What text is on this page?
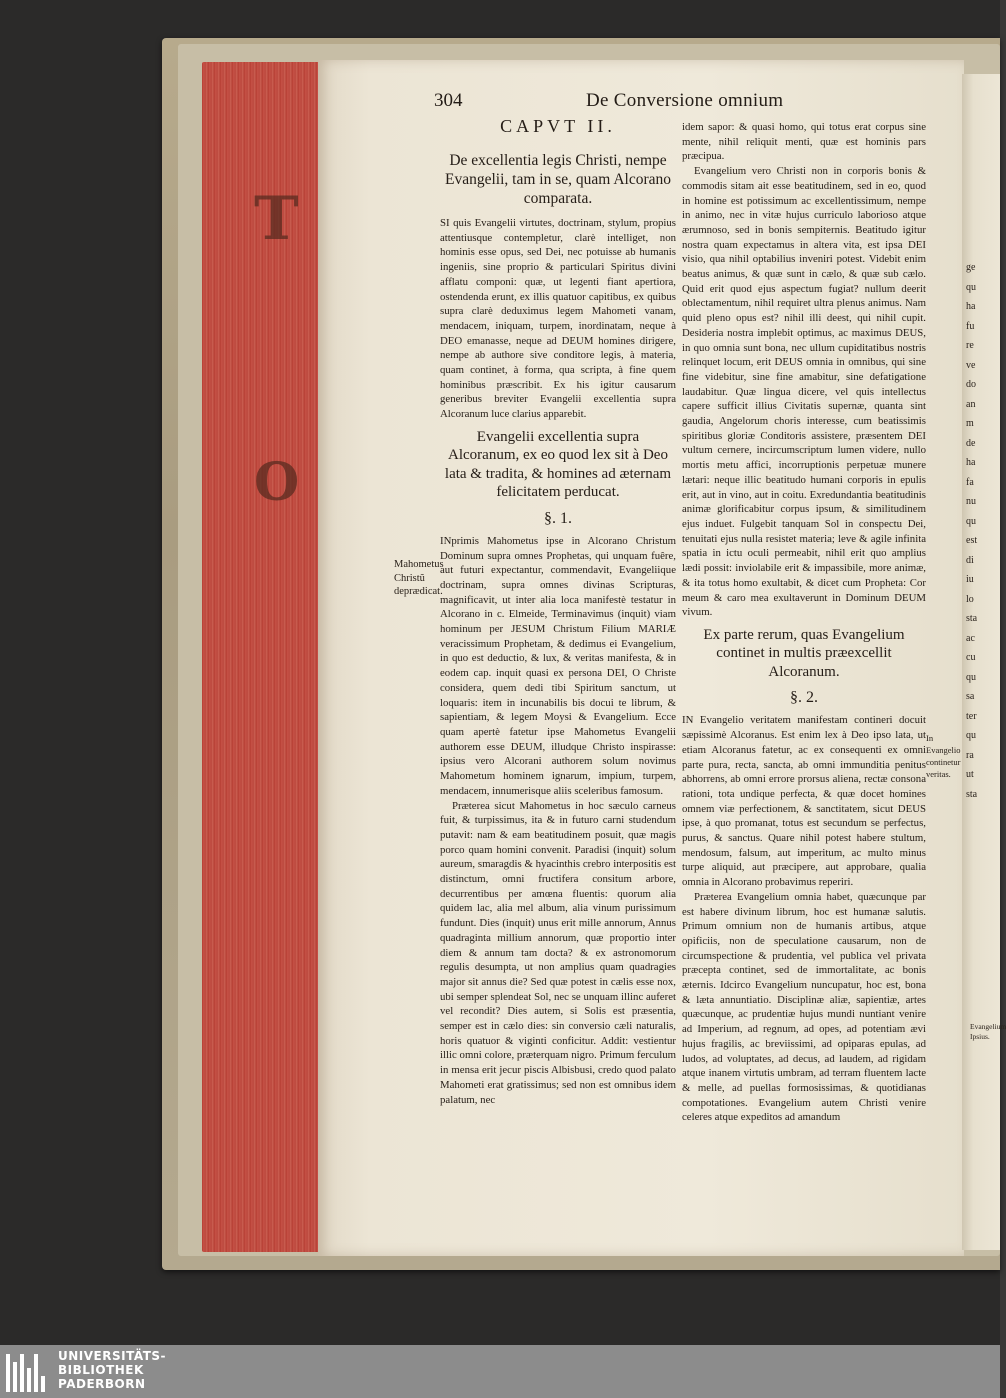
T
O
304	De Conversione omnium
CAPVT II.
De excellentia legis Christi, nempe Evangelii, tam in se, quam Alcorano comparata.
SI quis Evangelii virtutes, doctrinam, stylum, propius attentiusque contempletur, clarè intelliget, non hominis esse opus, sed Dei, nec potuisse ab humanis ingeniis, sine proprio & particulari Spiritus divini afflatu componi: quæ, ut legenti fiant apertiora, ostendenda erunt, ex illis quatuor capitibus, ex quibus supra clarè deduximus legem Mahometi vanam, mendacem, iniquam, turpem, inordinatam, neque à DEO emanasse, neque ad DEUM homines dirigere, nempe ab authore sive conditore legis, à materia, quam continet, à forma, qua scripta, à fine quem hominibus præscribit. Ex his igitur causarum generibus breviter Evangelii excellentia supra Alcoranum luce clarius apparebit.
Evangelii excellentia supra Alcoranum, ex eo quod lex sit à Deo lata & tradita, & homines ad æternam felicitatem perducat.
§. 1.
INprimis Mahometus ipse in Alcorano Christum Dominum supra omnes Prophetas, qui unquam fuêre, aut futuri expectantur, commendavit, Evangeliique doctrinam, supra omnes divinas Scripturas, magnificavit, ut inter alia loca manifestè testatur in Alcorano in c. Elmeide, Terminavimus (inquit) viam hominum per JESUM Christum Filium MARIÆ veracissimum Prophetam, & dedimus ei Evangelium, in quo est deductio, & lux, & veritas manifesta, & in eodem cap. inquit quasi ex persona DEI, O Christe considera, quem dedi tibi Spiritum sanctum, ut loquaris: item in incunabilis bis docui te librum, & sapientiam, & legem Moysi & Evangelium. Ecce quam apertè fatetur ipse Mahometus Evangelii authorem esse DEUM, illudque Christo inspirasse: ipsius vero Alcorani authorem solum novimus Mahometum hominem ignarum, impium, turpem, mendacem, innumerisque aliis sceleribus famosum.
Præterea sicut Mahometus in hoc sæculo carneus fuit, & turpissimus, ita & in futuro carni studendum putavit: nam & eam beatitudinem posuit, quæ magis porco quam homini convenit. Paradisi (inquit) solum aureum, smaragdis & hyacinthis crebro interpositis est distinctum, omni fructifera consitum arbore, decurrentibus per amœna fluentis: quorum alia quidem lac, alia mel album, alia vinum purissimum fundunt. Dies (inquit) unus erit mille annorum, Annus quadraginta millium annorum, quæ proportio inter diem & annum tam docta? & ex astronomorum regulis desumpta, ut non amplius quam quadragies major sit annus die? Sed quæ potest in cælis esse nox, ubi semper splendeat Sol, nec se unquam illinc auferet vel recondit? Dies autem, si Solis est præsentia, semper est in cælo dies: sin conversio cæli naturalis, horis quatuor & viginti conficitur. Addit: vestientur illic omni colore, præterquam nigro. Primum ferculum in mensa erit jecur piscis Albisbusi, credo quod palato Mahometi erat gratissimus; sed non est omnibus idem palatum, nec
idem sapor: & quasi homo, qui totus erat corpus sine mente, nihil reliquit menti, quæ est hominis pars præcipua.
Evangelium vero Christi non in corporis bonis & commodis sitam ait esse beatitudinem, sed in eo, quod in homine est potissimum ac excellentissimum, nempe in animo, nec in vitæ hujus curriculo laborioso atque ærumnoso, sed in bonis sempiternis. Beatitudo igitur nostra quam expectamus in altera vita, est ipsa DEI visio, qua nihil optabilius inveniri potest. Videbit enim beatus animus, & quæ sunt in cælo, & quæ sub cælo. Quid erit quod ejus aspectum fugiat? nullum deerit oblectamentum, nihil requiret ultra plenus animus. Nam quid pleno opus est? nihil illi deest, qui nihil cupit. Desideria nostra implebit optimus, ac maximus DEUS, in quo omnia sunt bona, nec ullum cupiditatibus nostris relinquet locum, erit DEUS omnia in omnibus, qui sine fine videbitur, sine fine amabitur, sine defatigatione laudabitur. Quæ lingua dicere, vel quis intellectus capere sufficit illius Civitatis supernæ, quanta sint gaudia, Angelorum choris interesse, cum beatissimis spiritibus gloriæ Conditoris assistere, præsentem DEI vultum cernere, incircumscriptum lumen videre, nullo mortis metu affici, incorruptionis perpetuæ munere lætari: neque illic beatitudo humani corporis in epulis erit, aut in vino, aut in coitu. Exredundantia beatitudinis animæ glorificabitur corpus ipsum, & similitudinem ejus induet. Fulgebit tanquam Sol in conspectu Dei, tenuitati ejus nulla resistet materia; leve & agile infinita spatia in ictu oculi permeabit, nihil erit quo amplius lædi possit: inviolabile erit & impassibile, more animæ, & ita totus homo exultabit, & dicet cum Propheta: Cor meum & caro mea exultaverunt in Dominum DEUM vivum.
Ex parte rerum, quas Evangelium continet in multis præexcellit Alcoranum.
§. 2.
IN Evangelio veritatem manifestam contineri docuit sæpissimè Alcoranus. Est enim lex à Deo ipso lata, ut etiam Alcoranus fatetur, ac ex consequenti ex omni parte pura, recta, sancta, ab omni immunditia penitus abhorrens, ab omni errore prorsus aliena, rectæ consona rationi, tota undique perfecta, & quæ docet homines omnem viæ perfectionem, & sanctitatem, sicut DEUS ipse, à quo promanat, totus est secundum se perfectus, purus, & sanctus. Quare nihil potest habere stultum, mendosum, falsum, aut imperitum, ac multo minus turpe aliquid, aut præcipere, aut approbare, qualia omnia in Alcorano probavimus reperiri.
Præterea Evangelium omnia habet, quæcunque par est habere divinum librum, hoc est humanæ salutis. Primum omnium non de humanis artibus, atque opificiis, non de speculatione causarum, non de circumspectione & prudentia, vel publica vel privata præcepta continet, sed de immortalitate, ac bonis æternis. Idcirco Evangelium nuncupatur, hoc est, bona & læta annuntiatio. Disciplinæ aliæ, sapientiæ, artes quæcunque, ac prudentiæ hujus mundi nuntiant venire ad Imperium, ad regnum, ad opes, ad potentiam ævi hujus fragilis, ac breviissimi, ad opiparas epulas, ad ludos, ad voluptates, ad decus, ad laudem, ad rigidam atque inanem virtutis umbram, ad terram fluentem lacte & melle, ad puellas formosissimas, & quotidianas compotationes. Evangelium autem Christi venire celeres atque expeditos ad amandum
Mahometus Christũ deprædicat.
In Evangelio continetur veritas.
Evangelium Ipsius.
ge
qu
ha
fu
re
ve
do
an
m
de
ha
fa
nu
qu
est
di
iu
lo
sta
ac
cu
qu
sa
ter
qu
ra
ut
sta
UNIVERSITÄTS-
BIBLIOTHEK
PADERBORN
